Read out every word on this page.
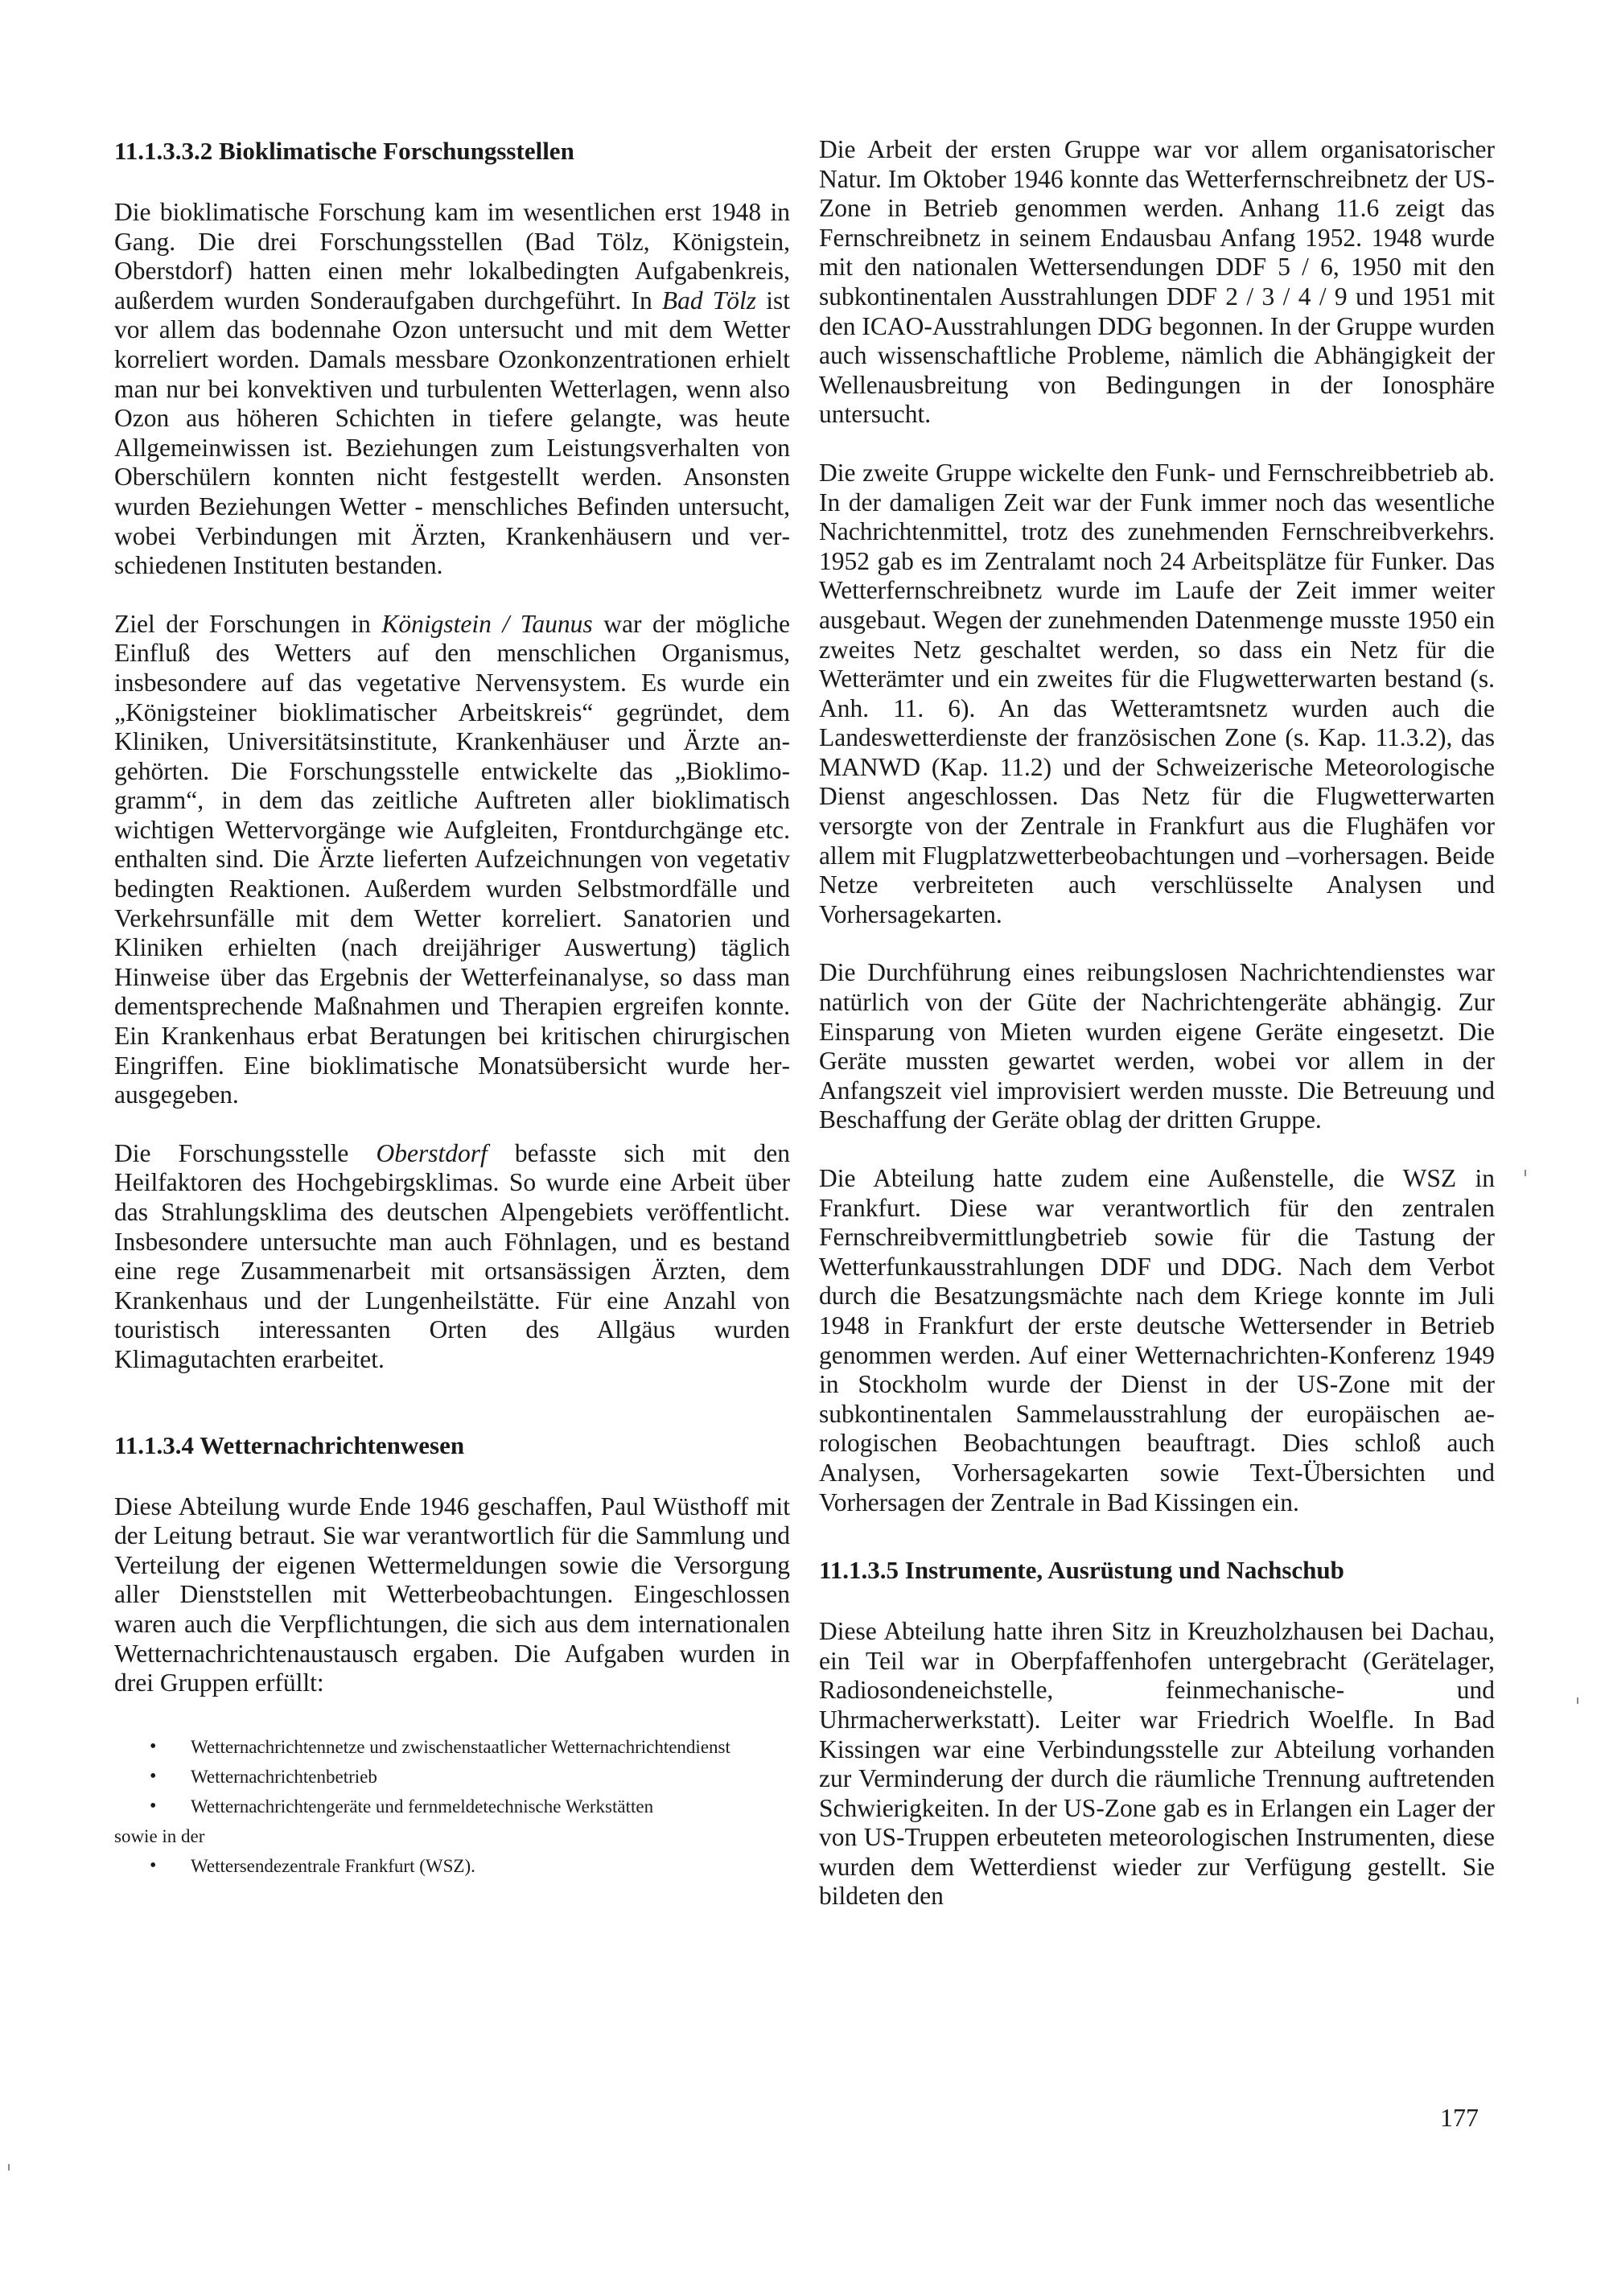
11.1.3.3.2 Bioklimatische Forschungsstellen
Die bioklimatische Forschung kam im wesentlichen erst 1948 in Gang. Die drei Forschungsstellen (Bad Tölz, Königstein, Oberstdorf) hatten einen mehr lokalbedingten Aufgabenkreis, außerdem wurden Sonderaufgaben durchgeführt. In Bad Tölz ist vor allem das bodennahe Ozon untersucht und mit dem Wetter korreliert worden. Damals messbare Ozonkonzentrationen erhielt man nur bei konvektiven und turbulenten Wetterlagen, wenn also Ozon aus höheren Schichten in tiefere gelangte, was heute Allgemeinwissen ist. Beziehungen zum Leistungsverhalten von Oberschülern konnten nicht festgestellt werden. Ansonsten wurden Beziehungen Wetter - menschliches Befinden untersucht, wobei Verbindungen mit Ärzten, Krankenhäusern und verschiedenen Instituten bestanden.
Ziel der Forschungen in Königstein / Taunus war der mögliche Einfluß des Wetters auf den menschlichen Organismus, insbesondere auf das vegetative Nervensystem. Es wurde ein „Königsteiner bioklimatischer Arbeitskreis“ gegründet, dem Kliniken, Universitätsinstitute, Krankenhäuser und Ärzte angehörten. Die Forschungsstelle entwickelte das „Bioklimogramm“, in dem das zeitliche Auftreten aller bioklimatisch wichtigen Wettervorgänge wie Aufgleiten, Frontdurchgänge etc. enthalten sind. Die Ärzte lieferten Aufzeichnungen von vegetativ bedingten Reaktionen. Außerdem wurden Selbstmordfälle und Verkehrsunfälle mit dem Wetter korreliert. Sanatorien und Kliniken erhielten (nach dreijähriger Auswertung) täglich Hinweise über das Ergebnis der Wetterfeinanalyse, so dass man dementsprechende Maßnahmen und Therapien ergreifen konnte. Ein Krankenhaus erbat Beratungen bei kritischen chirurgischen Eingriffen. Eine bioklimatische Monatsübersicht wurde herausgegeben.
Die Forschungsstelle Oberstdorf befasste sich mit den Heilfaktoren des Hochgebirgsklimas. So wurde eine Arbeit über das Strahlungsklima des deutschen Alpengebiets veröffentlicht. Insbesondere untersuchte man auch Föhnlagen, und es bestand eine rege Zusammenarbeit mit ortsansässigen Ärzten, dem Krankenhaus und der Lungenheilstätte. Für eine Anzahl von touristisch interessanten Orten des Allgäus wurden Klimagutachten erarbeitet.
11.1.3.4 Wetternachrichtenwesen
Diese Abteilung wurde Ende 1946 geschaffen, Paul Wüsthoff mit der Leitung betraut. Sie war verantwortlich für die Sammlung und Verteilung der eigenen Wettermeldungen sowie die Versorgung aller Dienststellen mit Wetterbeobachtungen. Eingeschlossen waren auch die Verpflichtungen, die sich aus dem internationalen Wetternachrichtenaustausch ergaben. Die Aufgaben wurden in drei Gruppen erfüllt:
• Wetternachrichtennetze und zwischenstaatlicher Wetternachrichtendienst
• Wetternachrichtenbetrieb
• Wetternachrichtengeräte und fernmeldetechnische Werkstätten
sowie in der
• Wettersendezentrale Frankfurt (WSZ).
Die Arbeit der ersten Gruppe war vor allem organisatorischer Natur. Im Oktober 1946 konnte das Wetterfernschreibnetz der US-Zone in Betrieb genommen werden. Anhang 11.6 zeigt das Fernschreibnetz in seinem Endausbau Anfang 1952. 1948 wurde mit den nationalen Wettersendungen DDF 5 / 6, 1950 mit den subkontinentalen Ausstrahlungen DDF 2 / 3 / 4 / 9 und 1951 mit den ICAO-Ausstrahlungen DDG begonnen. In der Gruppe wurden auch wissenschaftliche Probleme, nämlich die Abhängigkeit der Wellenausbreitung von Bedingungen in der Ionosphäre untersucht.
Die zweite Gruppe wickelte den Funk- und Fernschreibbetrieb ab. In der damaligen Zeit war der Funk immer noch das wesentliche Nachrichtenmittel, trotz des zunehmenden Fernschreibverkehrs. 1952 gab es im Zentralamt noch 24 Arbeitsplätze für Funker. Das Wetterfernschreibnetz wurde im Laufe der Zeit immer weiter ausgebaut. Wegen der zunehmenden Datenmenge musste 1950 ein zweites Netz geschaltet werden, so dass ein Netz für die Wetterämter und ein zweites für die Flugwetterwarten bestand (s. Anh. 11. 6). An das Wetteramtsnetz wurden auch die Landeswetterdienste der französischen Zone (s. Kap. 11.3.2), das MANWD (Kap. 11.2) und der Schweizerische Meteorologische Dienst angeschlossen. Das Netz für die Flugwetterwarten versorgte von der Zentrale in Frankfurt aus die Flughäfen vor allem mit Flugplatzwetterbeobachtungen und –vorhersagen. Beide Netze verbreiteten auch verschlüsselte Analysen und Vorhersagekarten.
Die Durchführung eines reibungslosen Nachrichtendienstes war natürlich von der Güte der Nachrichtengeräte abhängig. Zur Einsparung von Mieten wurden eigene Geräte eingesetzt. Die Geräte mussten gewartet werden, wobei vor allem in der Anfangszeit viel improvisiert werden musste. Die Betreuung und Beschaffung der Geräte oblag der dritten Gruppe.
Die Abteilung hatte zudem eine Außenstelle, die WSZ in Frankfurt. Diese war verantwortlich für den zentralen Fernschreibvermittlungbetrieb sowie für die Tastung der Wetterfunkausstrahlungen DDF und DDG. Nach dem Verbot durch die Besatzungsmächte nach dem Kriege konnte im Juli 1948 in Frankfurt der erste deutsche Wettersender in Betrieb genommen werden. Auf einer Wetternachrichten-Konferenz 1949 in Stockholm wurde der Dienst in der US-Zone mit der subkontinentalen Sammelausstrahlung der europäischen aerologischen Beobachtungen beauftragt. Dies schloß auch Analysen, Vorhersagekarten sowie Text-Übersichten und Vorhersagen der Zentrale in Bad Kissingen ein.
11.1.3.5 Instrumente, Ausrüstung und Nachschub
Diese Abteilung hatte ihren Sitz in Kreuzholzhausen bei Dachau, ein Teil war in Oberpfaffenhofen untergebracht (Gerätelager, Radiosondeneichstelle, feinmechanische- und Uhrmacherwerkstatt). Leiter war Friedrich Woelfle. In Bad Kissingen war eine Verbindungsstelle zur Abteilung vorhanden zur Verminderung der durch die räumliche Trennung auftretenden Schwierigkeiten. In der US-Zone gab es in Erlangen ein Lager der von US-Truppen erbeuteten meteorologischen Instrumenten, diese wurden dem Wetterdienst wieder zur Verfügung gestellt. Sie bildeten den
177
